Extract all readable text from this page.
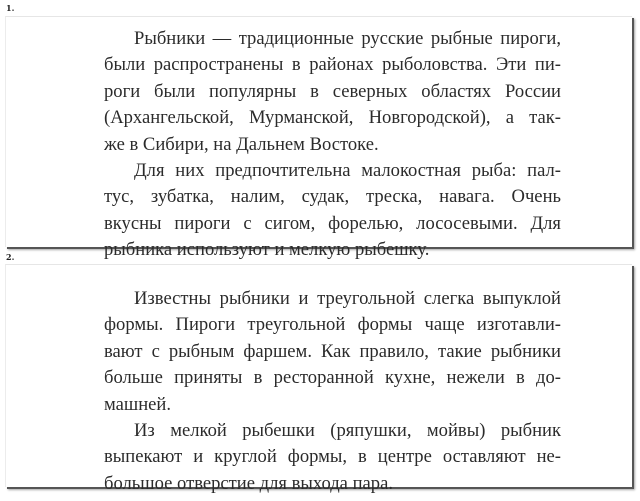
1.
Рыбники — традиционные русские рыбные пироги,
были распространены в районах рыболовства. Эти пи-
роги были популярны в северных областях России
(Архангельской, Мурманской, Новгородской), а так-
же в Сибири, на Дальнем Востоке.
Для них предпочтительна малокостная рыба: пал-
тус, зубатка, налим, судак, треска, навага. Очень
вкусны пироги с сигом, форелью, лососевыми. Для
рыбника используют и мелкую рыбешку.
2.
Известны рыбники и треугольной слегка выпуклой
формы. Пироги треугольной формы чаще изготавли-
вают с рыбным фаршем. Как правило, такие рыбники
больше приняты в ресторанной кухне, нежели в до-
машней.
Из мелкой рыбешки (ряпушки, мойвы) рыбник
выпекают и круглой формы, в центре оставляют не-
большое отверстие для выхода пара.
